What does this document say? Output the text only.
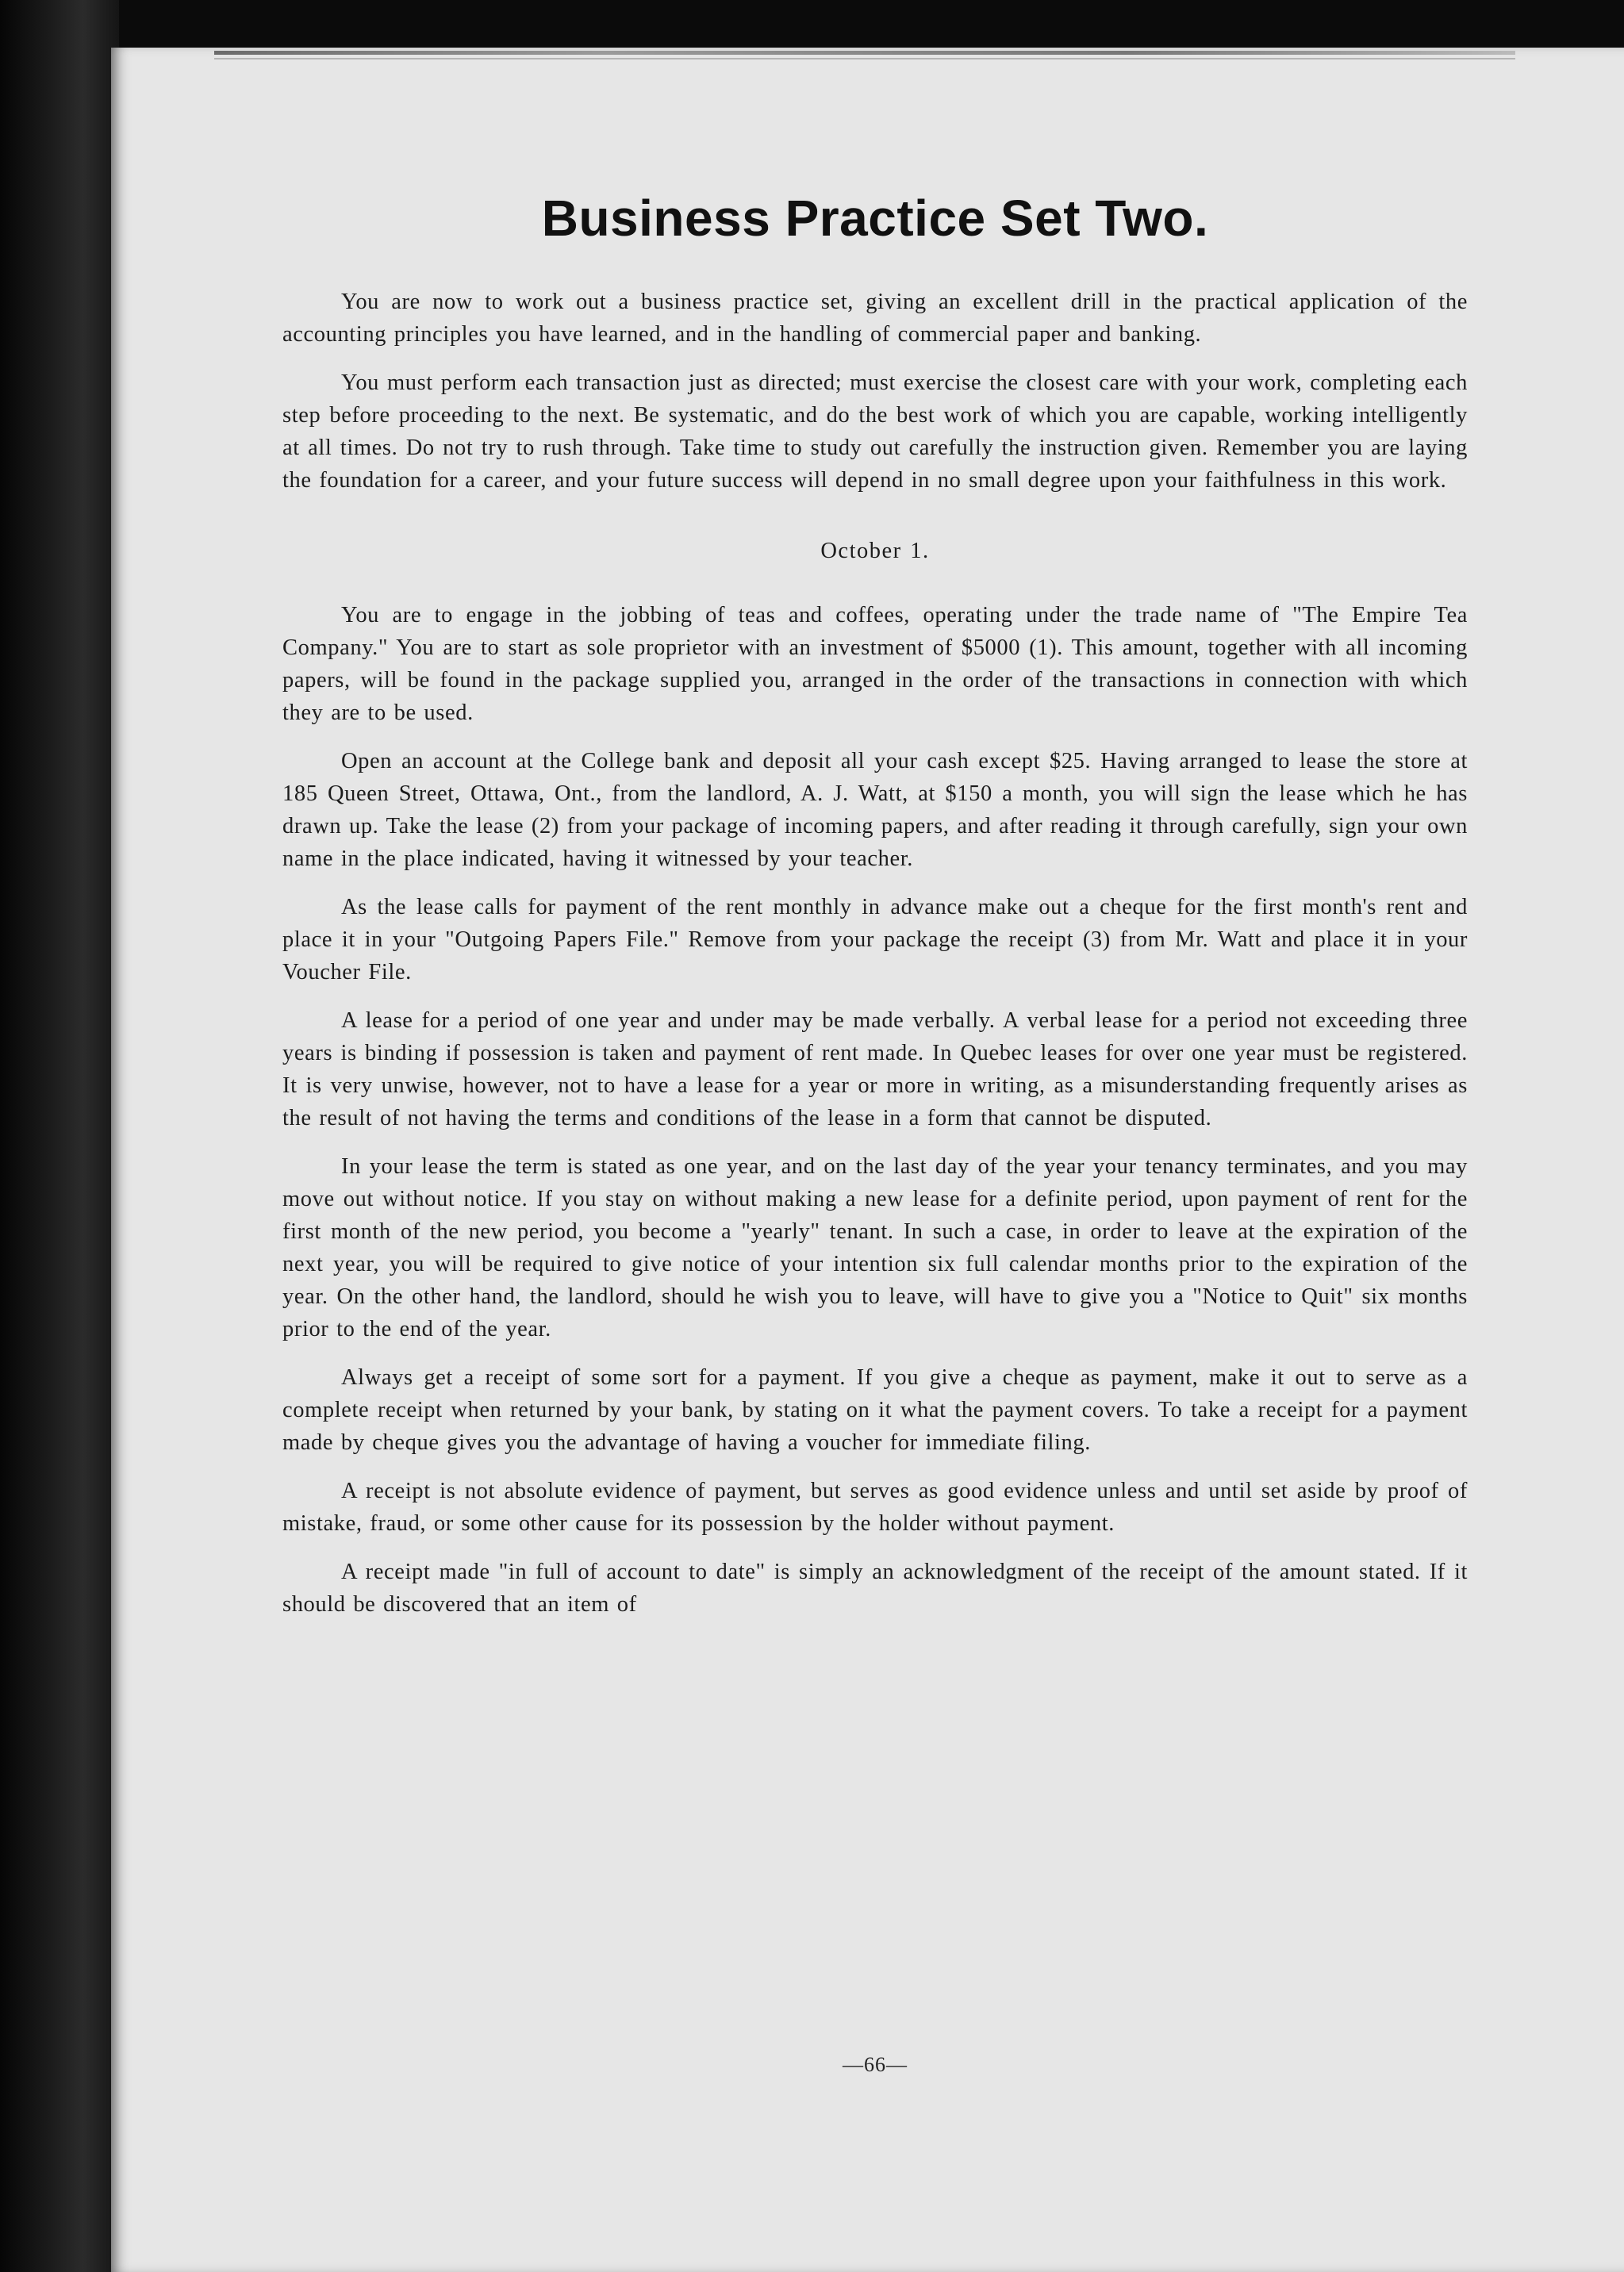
Business Practice Set Two.

You are now to work out a business practice set, giving an excellent drill in the practical application of the accounting principles you have learned, and in the handling of commercial paper and banking.

You must perform each transaction just as directed; must exercise the closest care with your work, completing each step before proceeding to the next. Be systematic, and do the best work of which you are capable, working intelligently at all times. Do not try to rush through. Take time to study out carefully the instruction given. Remember you are laying the foundation for a career, and your future success will depend in no small degree upon your faithfulness in this work.

October 1.

You are to engage in the jobbing of teas and coffees, operating under the trade name of "The Empire Tea Company." You are to start as sole proprietor with an investment of $5000 (1). This amount, together with all incoming papers, will be found in the package supplied you, arranged in the order of the transactions in connection with which they are to be used.

Open an account at the College bank and deposit all your cash except $25. Having arranged to lease the store at 185 Queen Street, Ottawa, Ont., from the landlord, A. J. Watt, at $150 a month, you will sign the lease which he has drawn up. Take the lease (2) from your package of incoming papers, and after reading it through carefully, sign your own name in the place indicated, having it witnessed by your teacher.

As the lease calls for payment of the rent monthly in advance make out a cheque for the first month's rent and place it in your "Outgoing Papers File." Remove from your package the receipt (3) from Mr. Watt and place it in your Voucher File.

A lease for a period of one year and under may be made verbally. A verbal lease for a period not exceeding three years is binding if possession is taken and payment of rent made. In Quebec leases for over one year must be registered. It is very unwise, however, not to have a lease for a year or more in writing, as a misunderstanding frequently arises as the result of not having the terms and conditions of the lease in a form that cannot be disputed.

In your lease the term is stated as one year, and on the last day of the year your tenancy terminates, and you may move out without notice. If you stay on without making a new lease for a definite period, upon payment of rent for the first month of the new period, you become a "yearly" tenant. In such a case, in order to leave at the expiration of the next year, you will be required to give notice of your intention six full calendar months prior to the expiration of the year. On the other hand, the landlord, should he wish you to leave, will have to give you a "Notice to Quit" six months prior to the end of the year.

Always get a receipt of some sort for a payment. If you give a cheque as payment, make it out to serve as a complete receipt when returned by your bank, by stating on it what the payment covers. To take a receipt for a payment made by cheque gives you the advantage of having a voucher for immediate filing.

A receipt is not absolute evidence of payment, but serves as good evidence unless and until set aside by proof of mistake, fraud, or some other cause for its possession by the holder without payment.

A receipt made "in full of account to date" is simply an acknowledgment of the receipt of the amount stated. If it should be discovered that an item of

—66—
